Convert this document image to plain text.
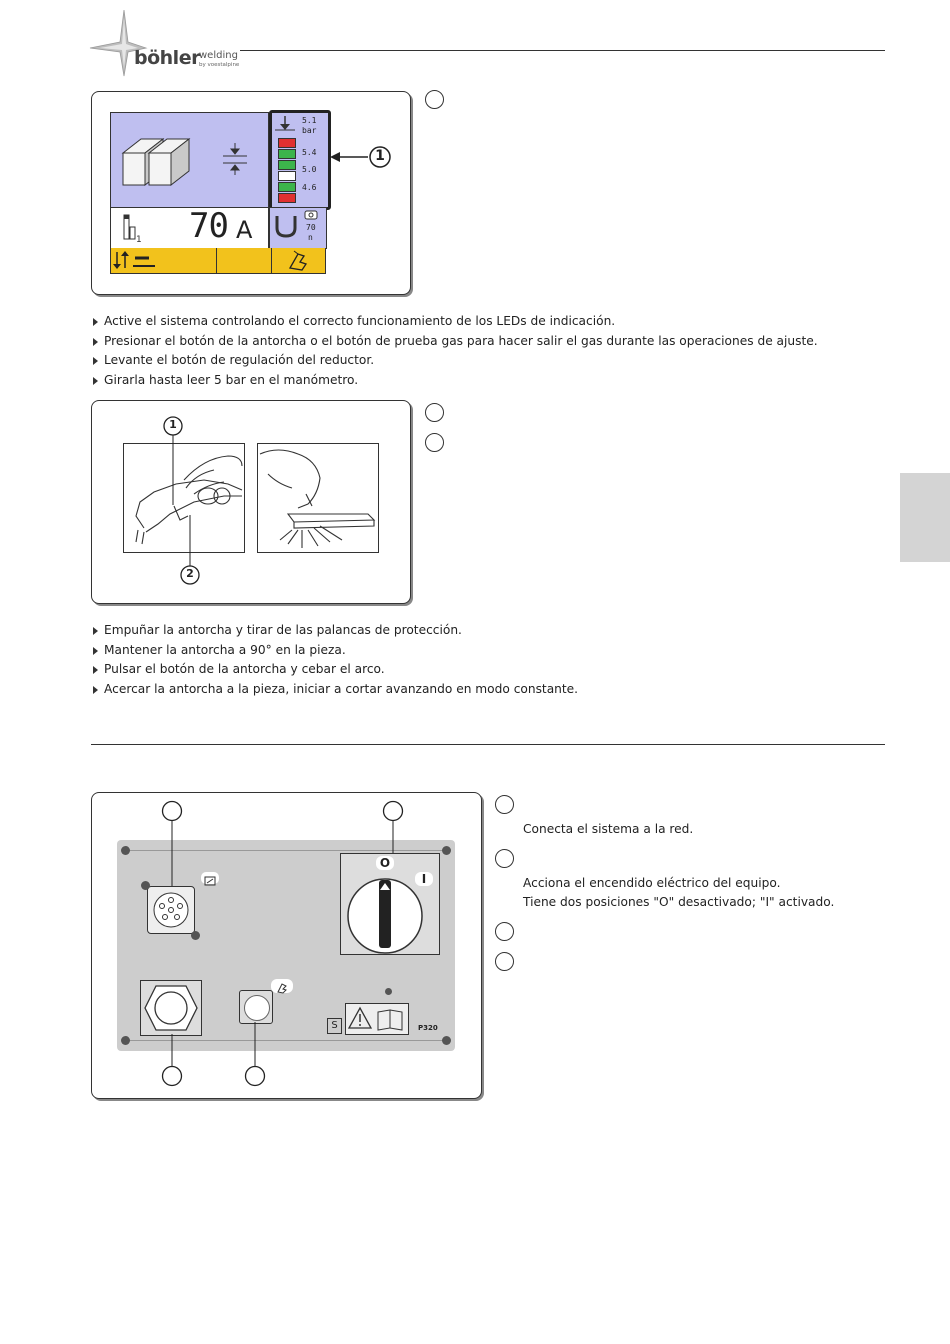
böhler welding
by voestalpine
5.1
bar
5.4
5.0
4.6
1
1 70 A	70
n
Active el sistema controlando el correcto funcionamiento de los LEDs de indicación.
Presionar el botón de la antorcha o el botón de prueba gas para hacer salir el gas durante las operaciones de ajuste.
Levante el botón de regulación del reductor.
Girarla hasta leer 5 bar en el manómetro.
1
2
Empuñar la antorcha y tirar de las palancas de protección.
Mantener la antorcha a 90° en la pieza.
Pulsar el botón de la antorcha y cebar el arco.
Acercar la antorcha a la pieza, iniciar a cortar avanzando en modo constante.
O
I
S	P320
Conecta el sistema a la red.
Acciona el encendido eléctrico del equipo.
Tiene dos posiciones "O" desactivado; "I" activado.
